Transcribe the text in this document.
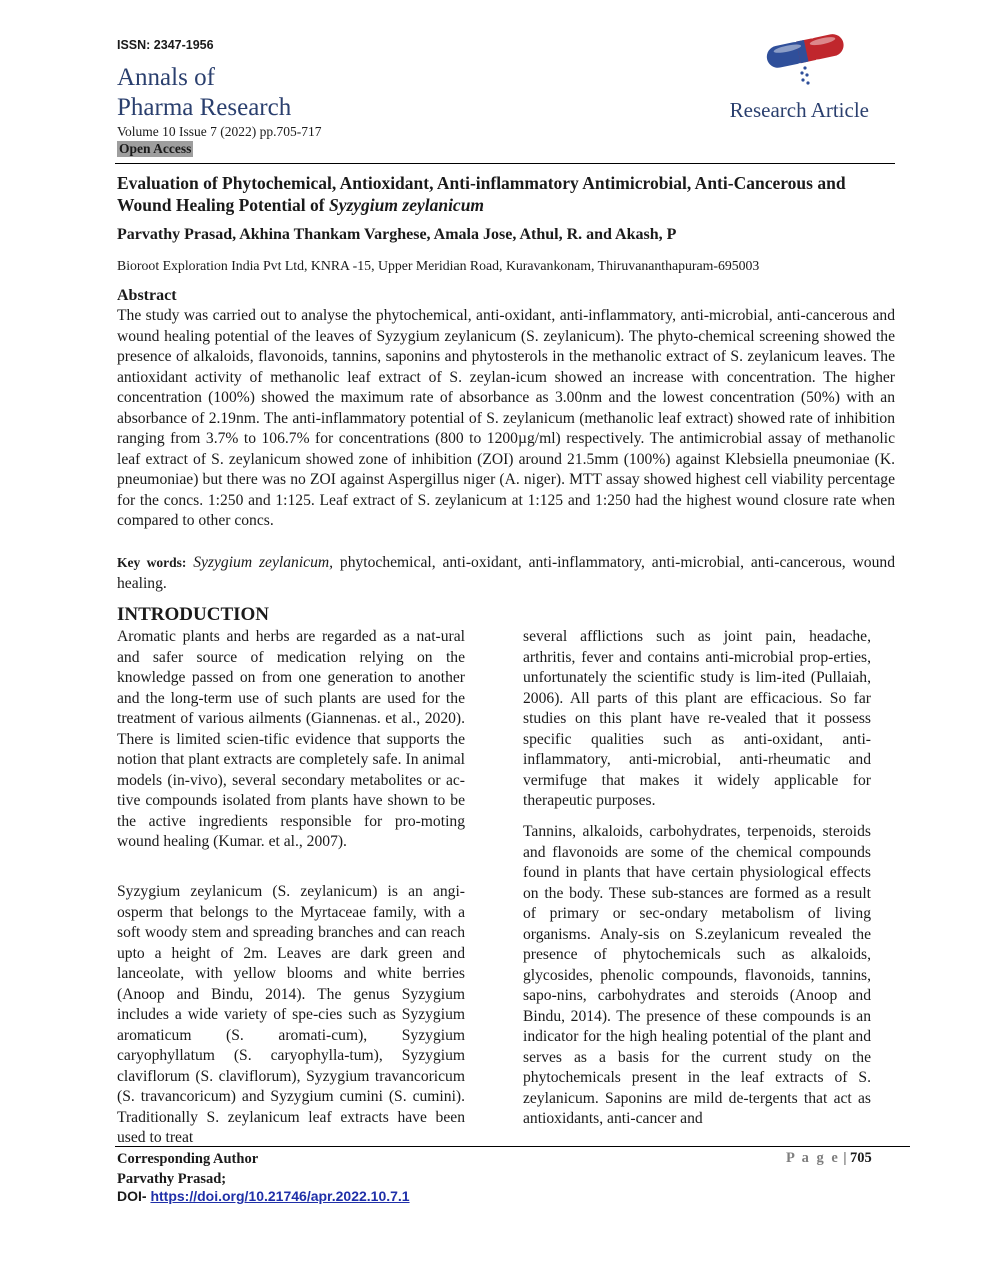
ISSN: 2347-1956
Annals of
Pharma Research
Volume 10 Issue 7 (2022) pp.705-717
Open Access
Research Article
Evaluation of Phytochemical, Antioxidant, Anti-inflammatory Antimicrobial, Anti-Cancerous and Wound Healing Potential of Syzygium zeylanicum
Parvathy Prasad, Akhina Thankam Varghese, Amala Jose, Athul, R. and Akash, P
Bioroot Exploration India Pvt Ltd, KNRA -15, Upper Meridian Road, Kuravankonam, Thiruvananthapuram-695003
Abstract
The study was carried out to analyse the phytochemical, anti-oxidant, anti-inflammatory, anti-microbial, anti-cancerous and wound healing potential of the leaves of Syzygium zeylanicum (S. zeylanicum). The phyto-chemical screening showed the presence of alkaloids, flavonoids, tannins, saponins and phytosterols in the methanolic extract of S. zeylanicum leaves. The antioxidant activity of methanolic leaf extract of S. zeylan-icum showed an increase with concentration. The higher concentration (100%) showed the maximum rate of absorbance as 3.00nm and the lowest concentration (50%) with an absorbance of 2.19nm. The anti-inflammatory potential of S. zeylanicum (methanolic leaf extract) showed rate of inhibition ranging from 3.7% to 106.7% for concentrations (800 to 1200µg/ml) respectively. The antimicrobial assay of methanolic leaf extract of S. zeylanicum showed zone of inhibition (ZOI) around 21.5mm (100%) against Klebsiella pneumoniae (K. pneumoniae) but there was no ZOI against Aspergillus niger (A. niger). MTT assay showed highest cell viability percentage for the concs. 1:250 and 1:125. Leaf extract of S. zeylanicum at 1:125 and 1:250 had the highest wound closure rate when compared to other concs.
Key words: Syzygium zeylanicum, phytochemical, anti-oxidant, anti-inflammatory, anti-microbial, anti-cancerous, wound healing.
INTRODUCTION

Aromatic plants and herbs are regarded as a nat-ural and safer source of medication relying on the knowledge passed on from one generation to another and the long-term use of such plants are used for the treatment of various ailments (Giannenas. et al., 2020). There is limited scien-tific evidence that supports the notion that plant extracts are completely safe. In animal models (in-vivo), several secondary metabolites or ac-tive compounds isolated from plants have shown to be the active ingredients responsible for pro-moting wound healing (Kumar. et al., 2007).

Syzygium zeylanicum (S. zeylanicum) is an angi-osperm that belongs to the Myrtaceae family, with a soft woody stem and spreading branches and can reach upto a height of 2m. Leaves are dark green and lanceolate, with yellow blooms and white berries (Anoop and Bindu, 2014). The genus Syzygium includes a wide variety of spe-cies such as Syzygium aromaticum (S. aromati-cum), Syzygium caryophyllatum (S. caryophylla-tum), Syzygium claviflorum (S. claviflorum), Syzygium travancoricum (S. travancoricum) and Syzygium cumini (S. cumini). Traditionally S. zeylanicum leaf extracts have been used to treat

several afflictions such as joint pain, headache, arthritis, fever and contains anti-microbial prop-erties, unfortunately the scientific study is lim-ited (Pullaiah, 2006). All parts of this plant are efficacious. So far studies on this plant have re-vealed that it possess specific qualities such as anti-oxidant, anti-inflammatory, anti-microbial, anti-rheumatic and vermifuge that makes it widely applicable for therapeutic purposes.

Tannins, alkaloids, carbohydrates, terpenoids, steroids and flavonoids are some of the chemical compounds found in plants that have certain physiological effects on the body. These sub-stances are formed as a result of primary or sec-ondary metabolism of living organisms. Analy-sis on S.zeylanicum revealed the presence of phytochemicals such as alkaloids, glycosides, phenolic compounds, flavonoids, tannins, sapo-nins, carbohydrates and steroids (Anoop and Bindu, 2014). The presence of these compounds is an indicator for the high healing potential of the plant and serves as a basis for the current study on the phytochemicals present in the leaf extracts of S. zeylanicum. Saponins are mild de-tergents that act as antioxidants, anti-cancer and

Corresponding Author
Parvathy Prasad;
DOI- https://doi.org/10.21746/apr.2022.10.7.1
P a g e | 705
